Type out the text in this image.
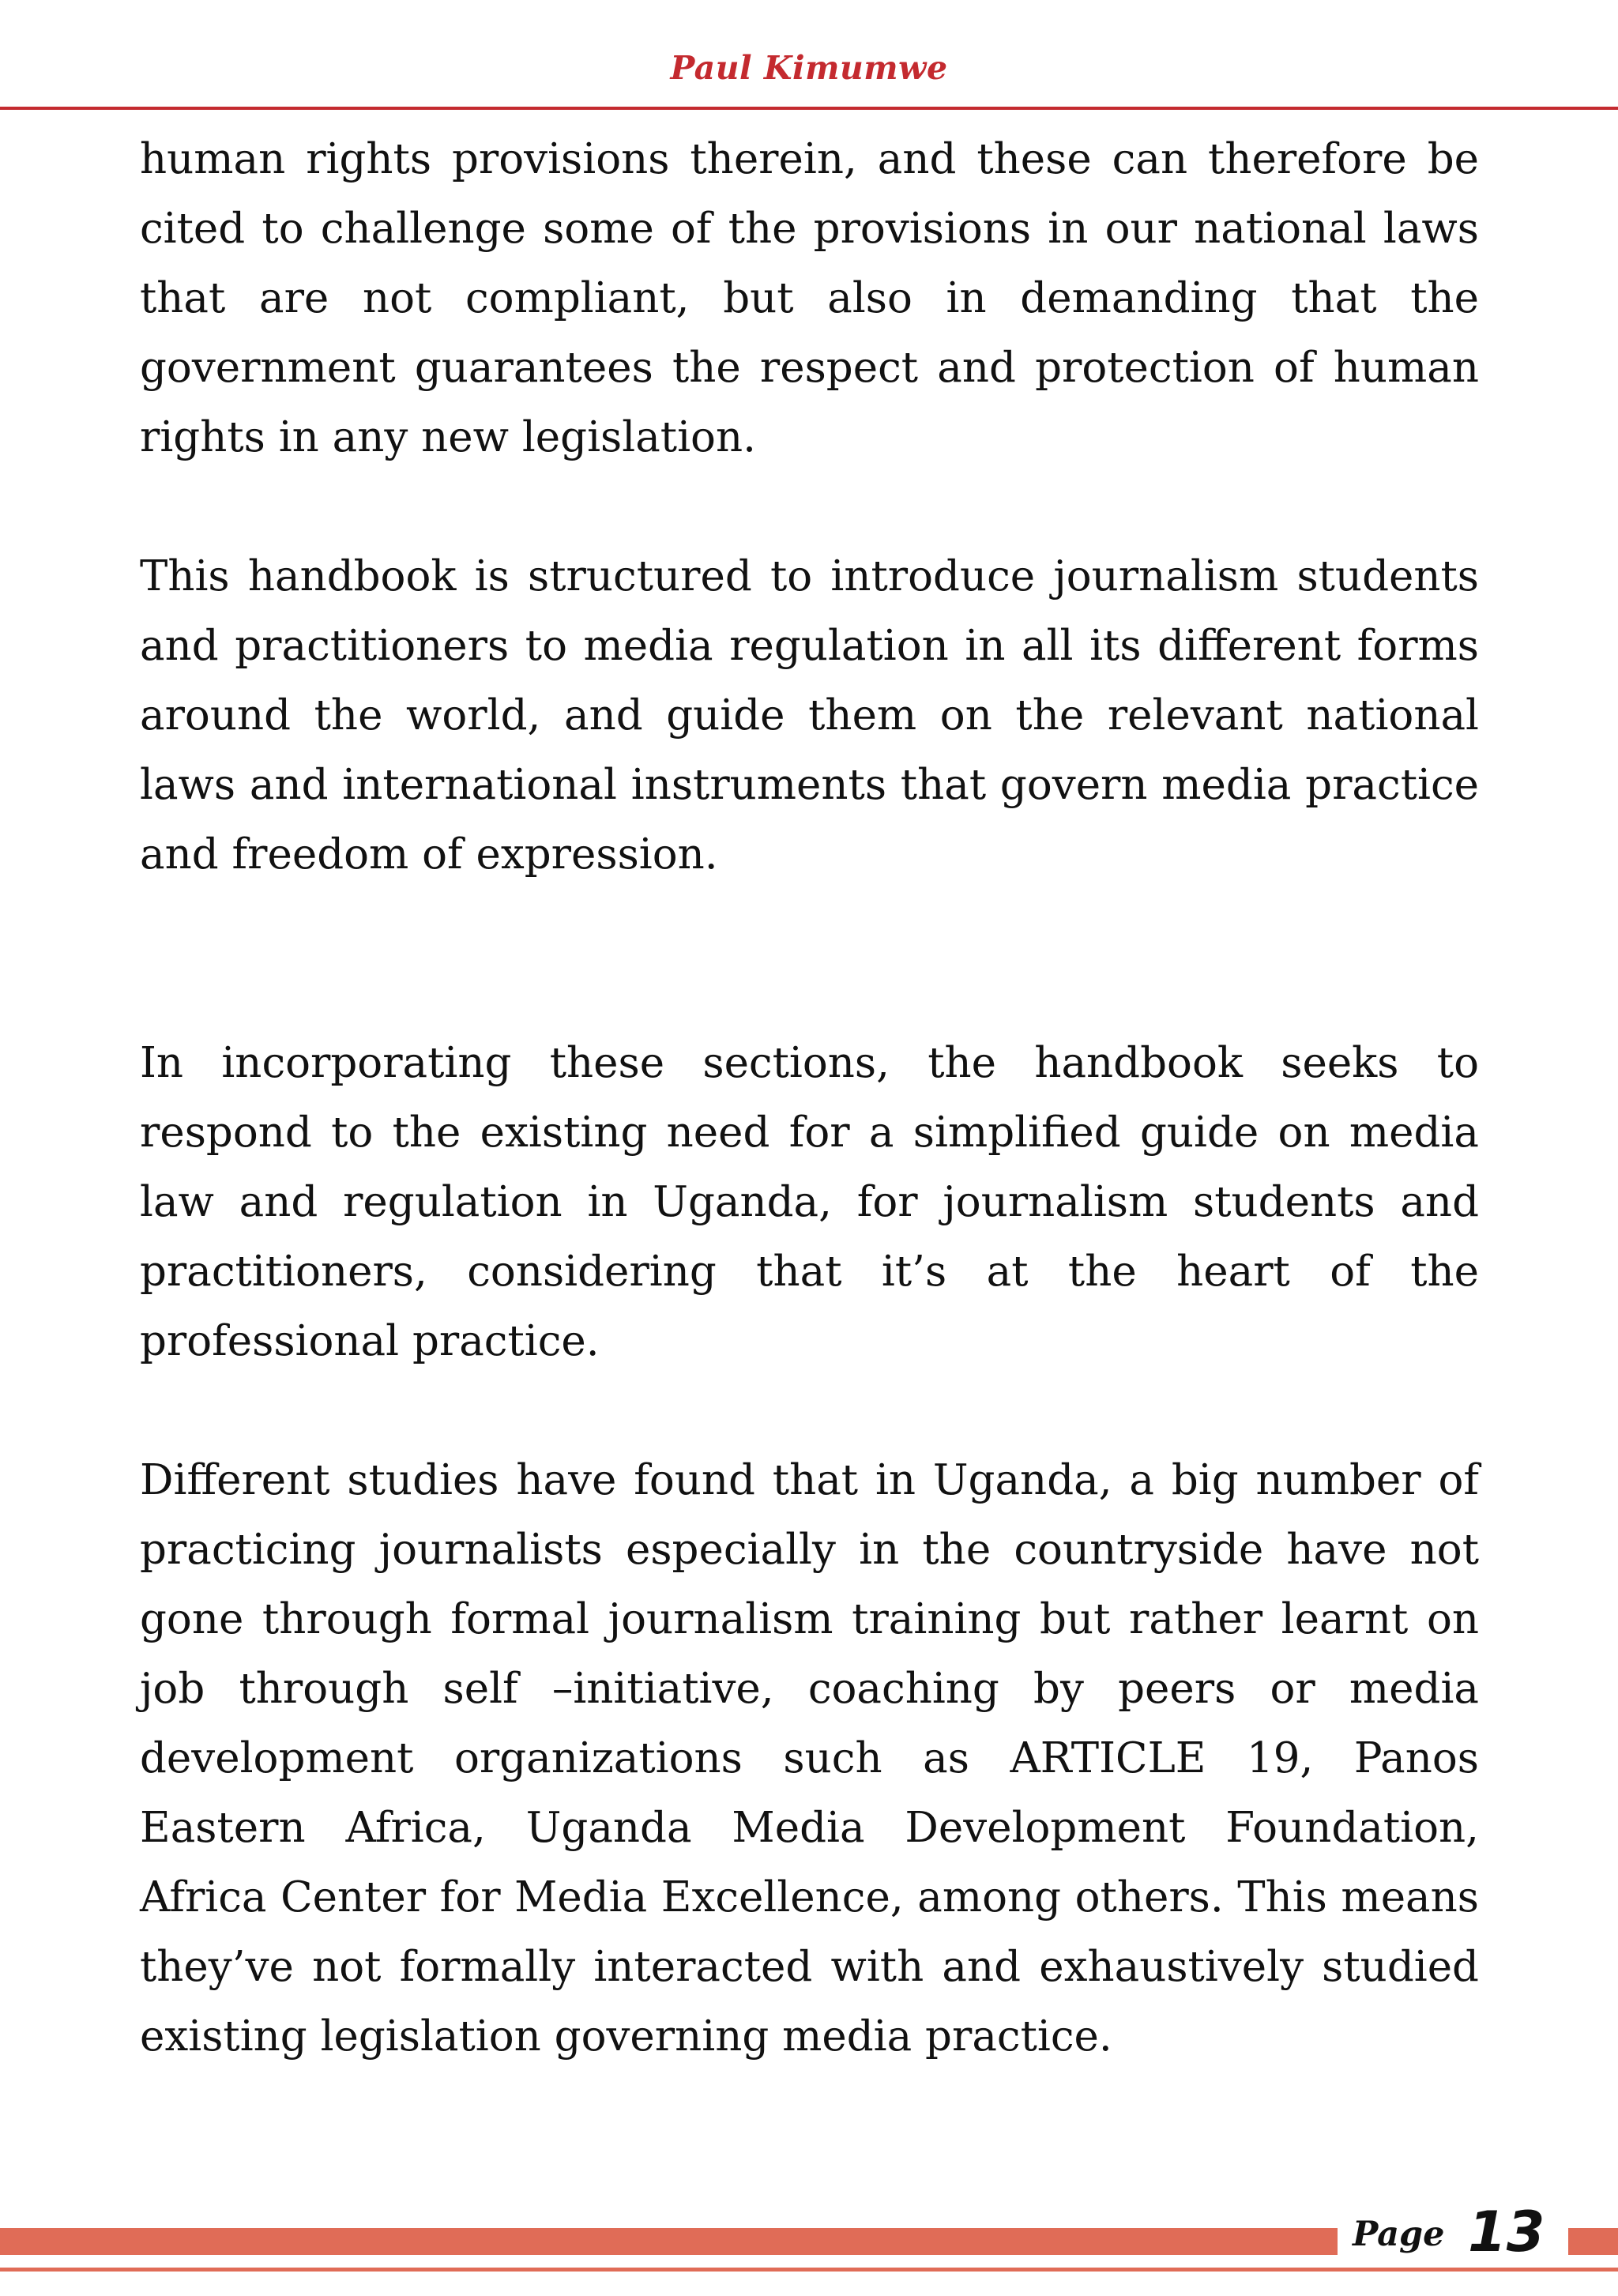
Paul Kimumwe

human rights provisions therein, and these can therefore be cited to challenge some of the provisions in our national laws that are not compliant, but also in demanding that the government guarantees the respect and protection of human rights in any new legislation.

This handbook is structured to introduce journalism students and practitioners to media regulation in all its different forms around the world, and guide them on the relevant national laws and international instruments that govern media practice and freedom of expression.

In incorporating these sections, the handbook seeks to respond to the existing need for a simplified guide on media law and regulation in Uganda, for journalism students and practitioners, considering that it’s at the heart of the professional practice.

Different studies have found that in Uganda, a big number of practicing journalists especially in the countryside have not gone through formal journalism training but rather learnt on job through self –initiative, coaching by peers or media development organizations such as ARTICLE 19, Panos Eastern Africa, Uganda Media Development Foundation, Africa Center for Media Excellence, among others. This means they’ve not formally interacted with and exhaustively studied existing legislation governing media practice.

Page 13
